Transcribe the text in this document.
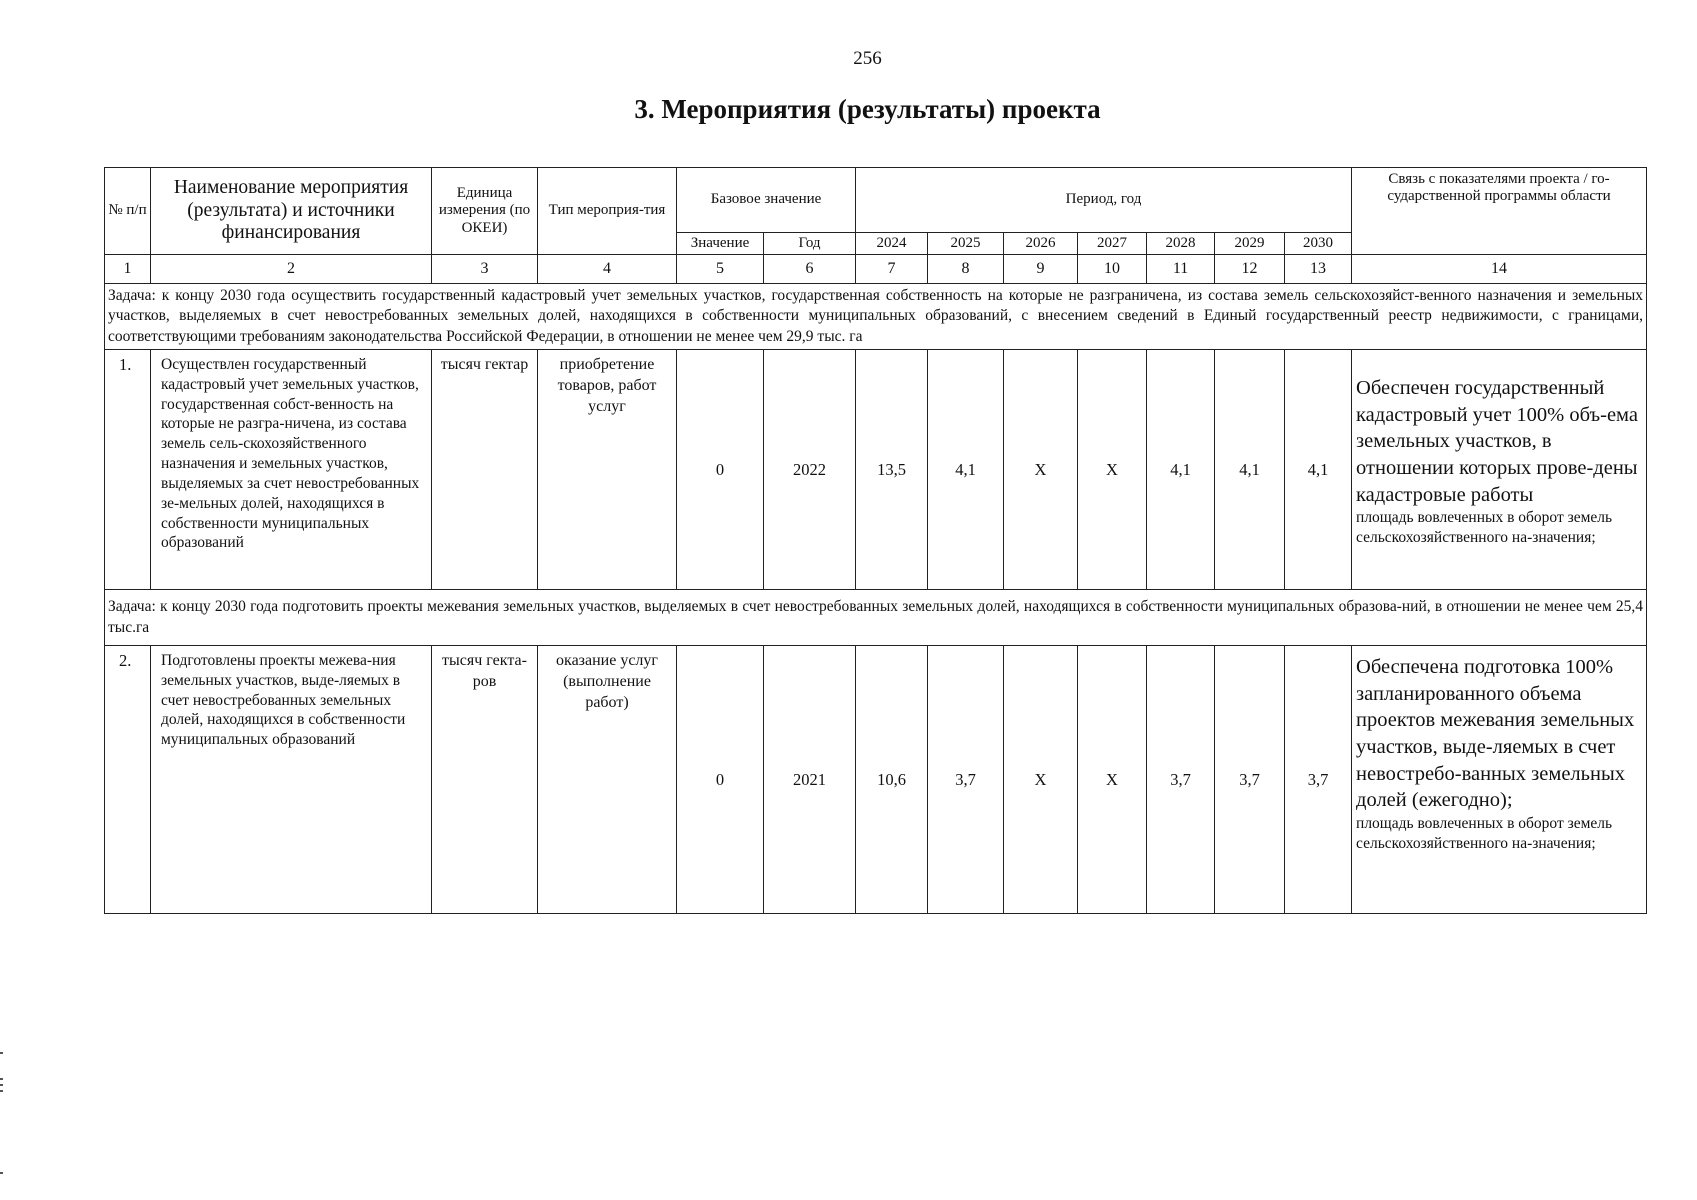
256
3. Мероприятия (результаты) проекта
№ п/п	Наименование мероприятия (результата) и источники финансирования	Единица измерения (по ОКЕИ)	Тип мероприя-тия	Базовое значение		Период, год							Связь с показателями проекта / го-сударственной программы области
				Значение	Год	2024	2025	2026	2027	2028	2029	2030	
1	2	3	4	5	6	7	8	9	10	11	12	13	14
Задача: к концу 2030 года осуществить государственный кадастровый учет земельных участков, государственная собственность на которые не разграничена, из состава земель сельскохозяйст-венного назначения и земельных участков, выделяемых в счет невостребованных земельных долей, находящихся в собственности муниципальных образований, с внесением сведений в Единый государственный реестр недвижимости, с границами, соответствующими требованиям законодательства Российской Федерации, в отношении не менее чем 29,9 тыс. га													
1.	Осуществлен государственный кадастровый учет земельных участков, государственная собст-венность на которые не разгра-ничена, из состава земель сель-скохозяйственного назначения и земельных участков, выделяемых за счет невостребованных зе-мельных долей, находящихся в собственности муниципальных образований	тысяч гектар	приобретение товаров, работ услуг	0	2022	13,5	4,1	Х	Х	4,1	4,1	4,1	Обеспечен государственный кадастровый учет 100% объ-ема земельных участков, в отношении которых прове-дены кадастровые работы
площадь вовлеченных в оборот земель сельскохозяйственного на-значения;

Задача: к концу 2030 года подготовить проекты межевания земельных участков, выделяемых в счет невостребованных земельных долей, находящихся в собственности муниципальных образова-ний, в отношении не менее чем 25,4 тыс.га													
2.	Подготовлены проекты межева-ния земельных участков, выде-ляемых в счет невостребованных земельных долей, находящихся в собственности муниципальных образований	тысяч гекта-ров	оказание услуг (выполнение работ)	0	2021	10,6	3,7	Х	Х	3,7	3,7	3,7	Обеспечена подготовка 100% запланированного объема проектов межевания земельных участков, выде-ляемых в счет невостребо-ванных земельных долей (ежегодно);
площадь вовлеченных в оборот земель сельскохозяйственного на-значения;
